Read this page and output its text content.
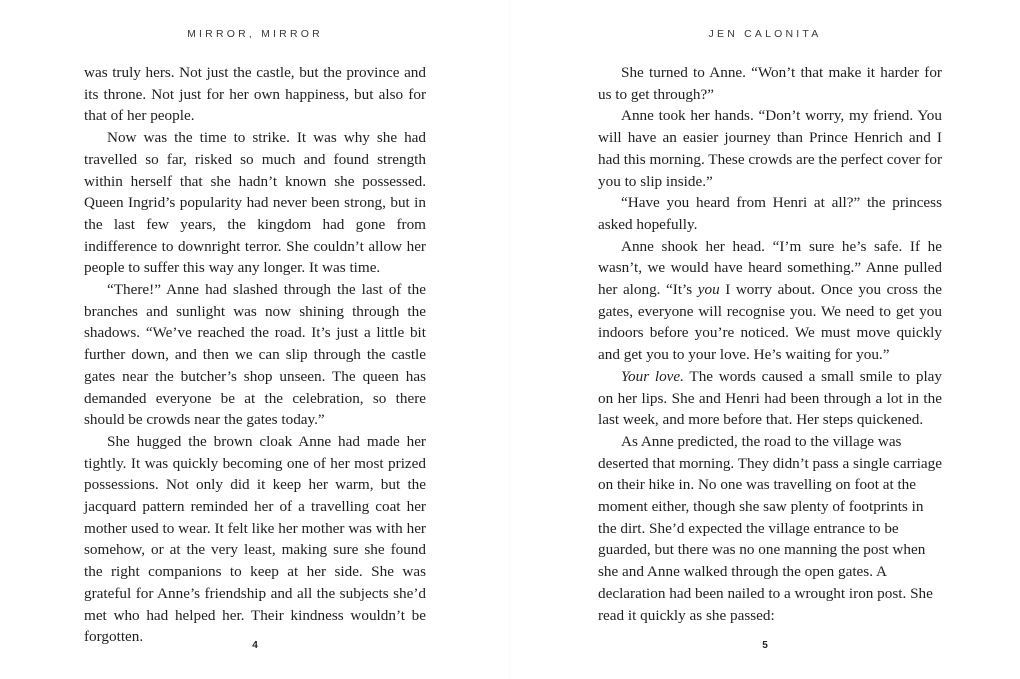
MIRROR, MIRROR

was truly hers. Not just the castle, but the province and its throne. Not just for her own happiness, but also for that of her people.

Now was the time to strike. It was why she had travelled so far, risked so much and found strength within herself that she hadn’t known she possessed. Queen Ingrid’s popularity had never been strong, but in the last few years, the kingdom had gone from indifference to downright terror. She couldn’t allow her people to suffer this way any longer. It was time.

“There!” Anne had slashed through the last of the branches and sunlight was now shining through the shadows. “We’ve reached the road. It’s just a little bit further down, and then we can slip through the castle gates near the butcher’s shop unseen. The queen has demanded everyone be at the celebration, so there should be crowds near the gates today.”

She hugged the brown cloak Anne had made her tightly. It was quickly becoming one of her most prized possessions. Not only did it keep her warm, but the jacquard pattern reminded her of a travelling coat her mother used to wear. It felt like her mother was with her somehow, or at the very least, making sure she found the right companions to keep at her side. She was grateful for Anne’s friendship and all the subjects she’d met who had helped her. Their kindness wouldn’t be forgotten.

4

JEN CALONITA

She turned to Anne. “Won’t that make it harder for us to get through?”

Anne took her hands. “Don’t worry, my friend. You will have an easier journey than Prince Henrich and I had this morning. These crowds are the perfect cover for you to slip inside.”

“Have you heard from Henri at all?” the princess asked hopefully.

Anne shook her head. “I’m sure he’s safe. If he wasn’t, we would have heard something.” Anne pulled her along. “It’s you I worry about. Once you cross the gates, everyone will recognise you. We need to get you indoors before you’re noticed. We must move quickly and get you to your love. He’s waiting for you.”

Your love. The words caused a small smile to play on her lips. She and Henri had been through a lot in the last week, and more before that. Her steps quickened.

As Anne predicted, the road to the village was deserted that morning. They didn’t pass a single carriage on their hike in. No one was travelling on foot at the moment either, though she saw plenty of footprints in the dirt. She’d expected the village entrance to be guarded, but there was no one manning the post when she and Anne walked through the open gates. A declaration had been nailed to a wrought iron post. She read it quickly as she passed:

5
